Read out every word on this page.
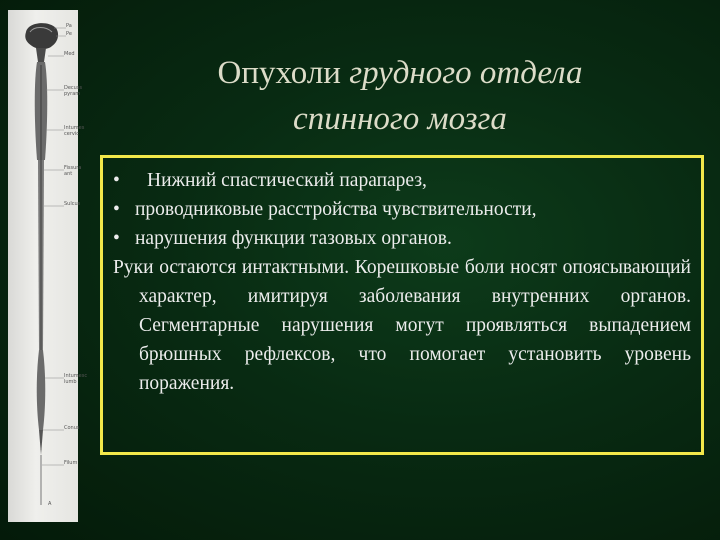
Pa
Pe
Med
Decuss
pyram
Intumes
cervic
Fissura
ant
Sulcus
Intumesc
lumb
Conus
Filum
A
Опухоли грудного отдела
спинного мозга
•	Нижний спастический парапарез,
• проводниковые расстройства чувствительности,
• нарушения функции тазовых органов.

Руки остаются интактными. Корешковые боли носят опоясывающий характер, имитируя заболевания внутренних органов. Сегментарные нарушения могут проявляться выпадением брюшных рефлексов, что помогает установить уровень поражения.
